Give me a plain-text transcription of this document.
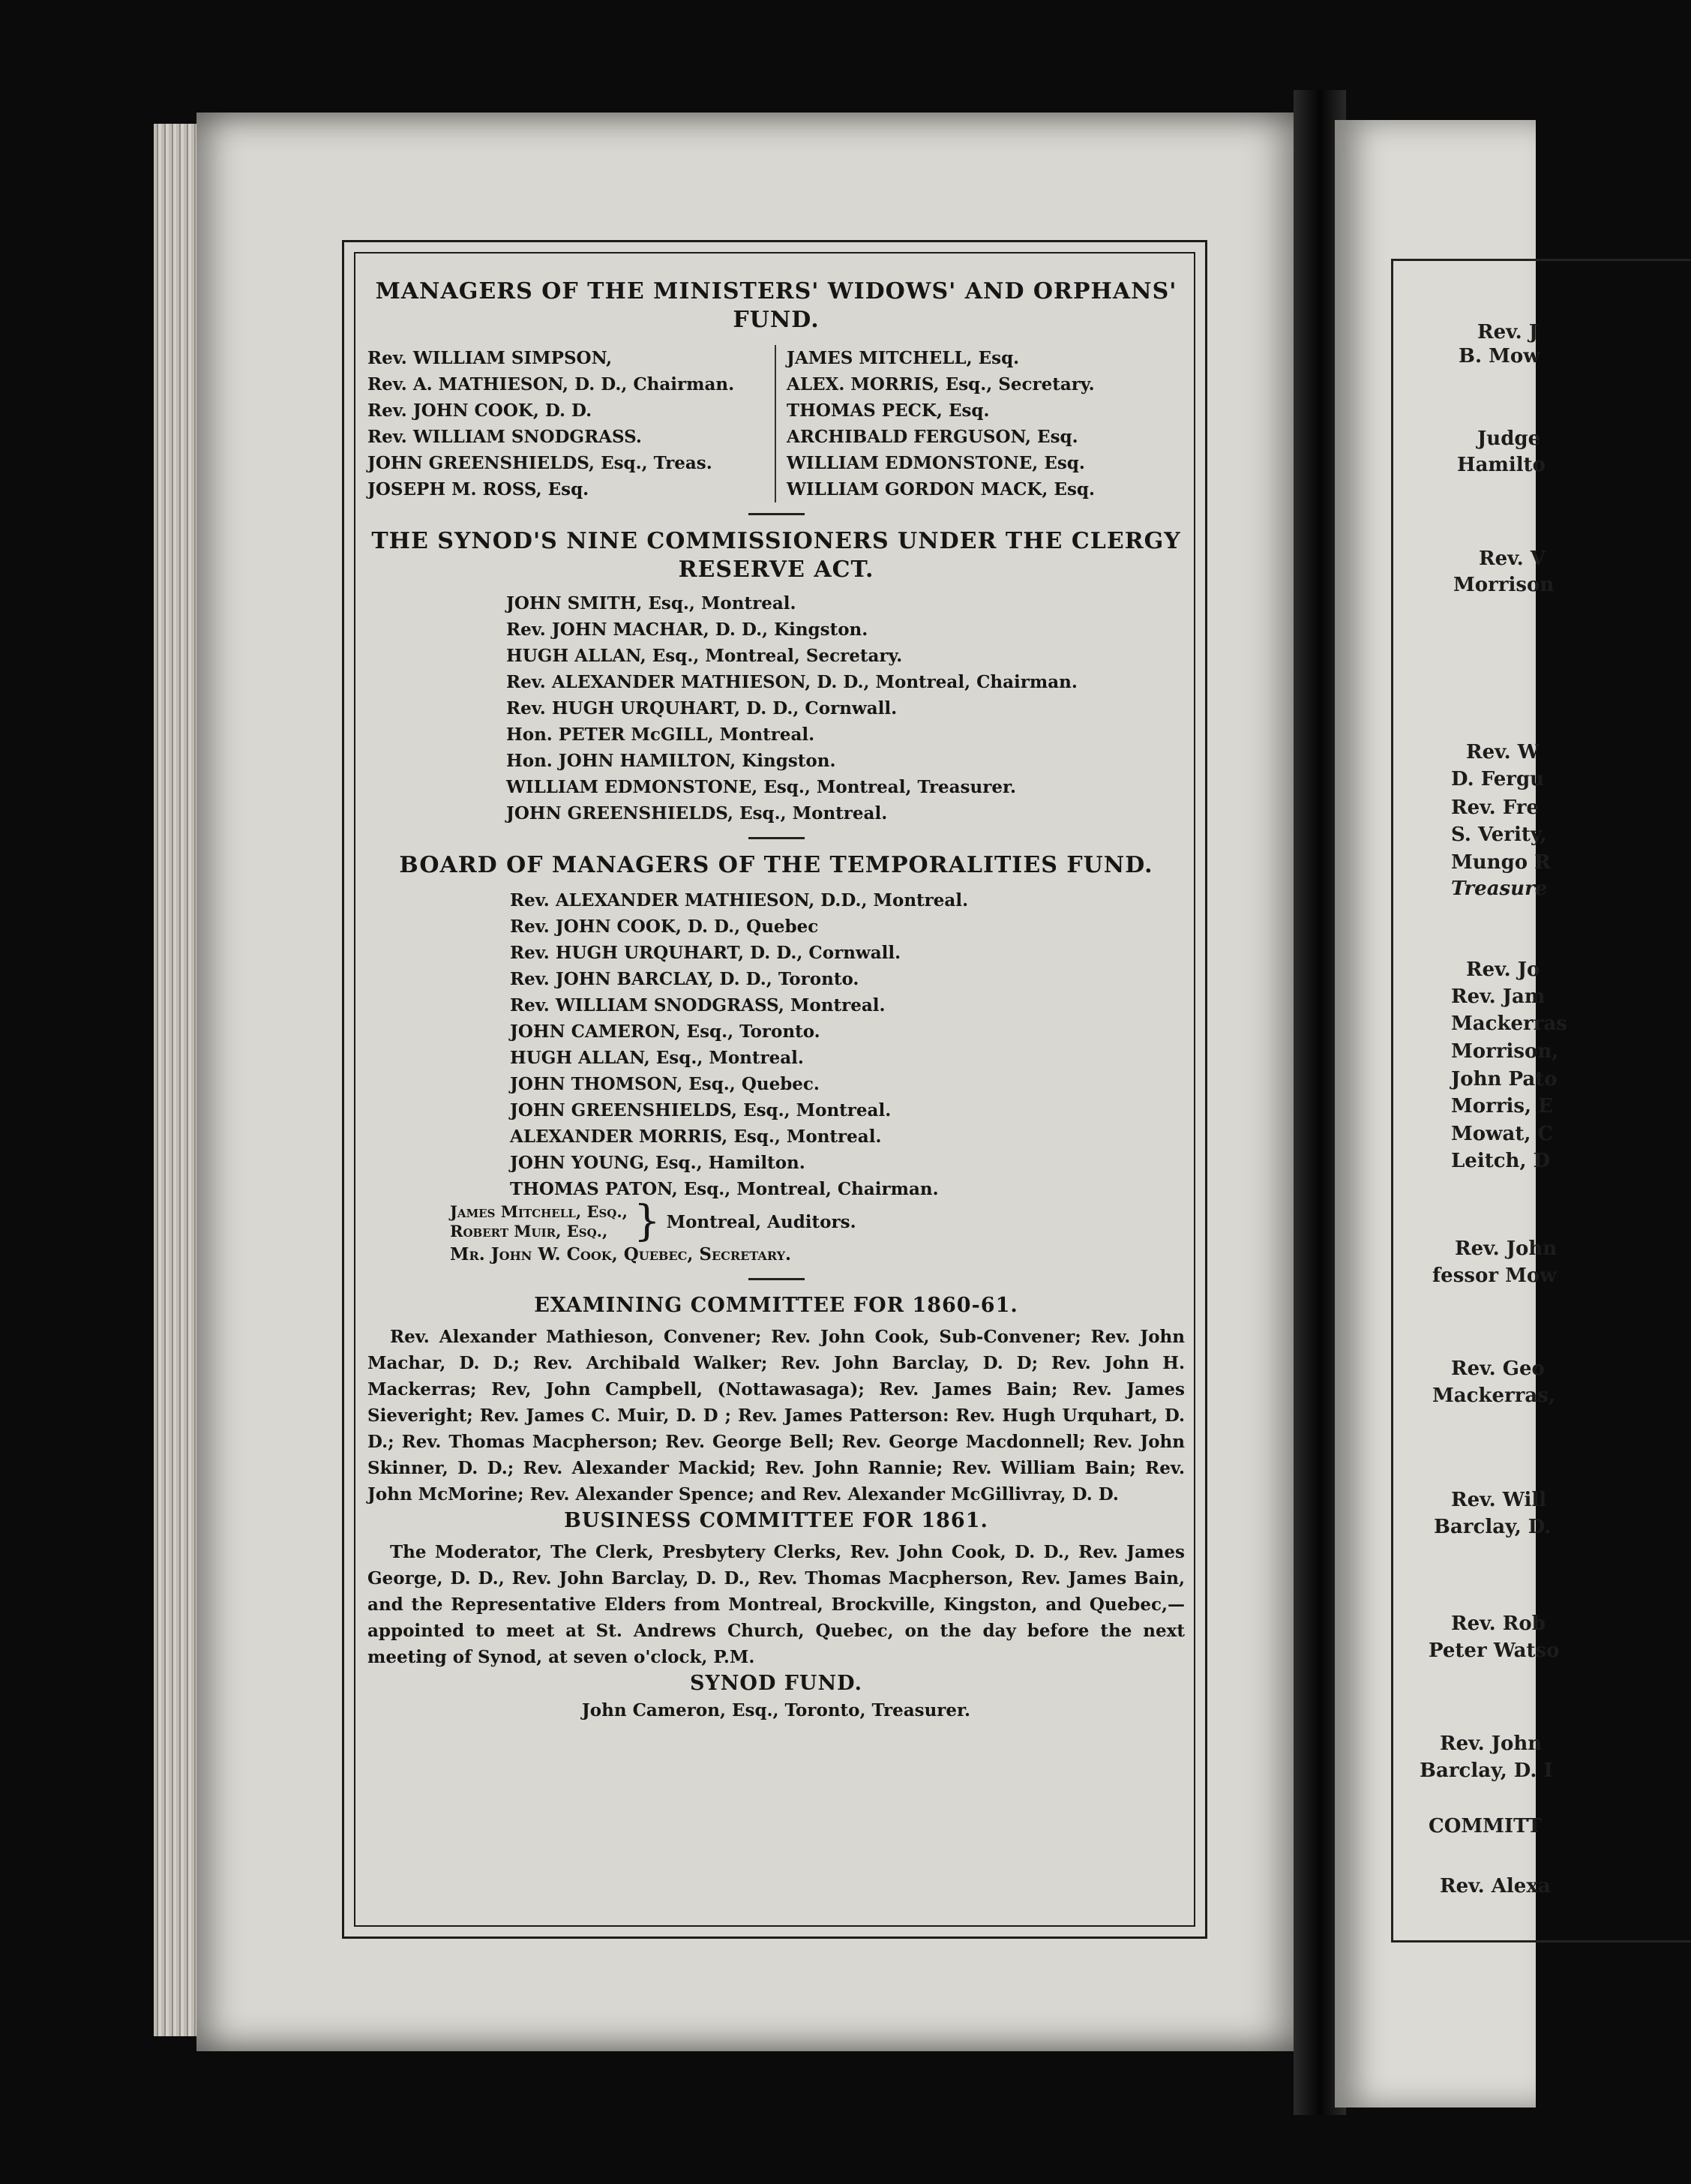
Rev. J
B. Mow
Judge
Hamilto
Rev. V
Morrison
Rev. W
D. Fergu
Rev. Fre
S. Verity,
Mungo R
Treasure
Rev. Jo
Rev. Jam
Mackerras
Morrison,
John Pato
Morris, E
Mowat, C
Leitch, D
Rev. John
fessor Mow
Rev. Geo
Mackerras,
Rev. Will
Barclay, D.
Rev. Rob
Peter Watso
Rev. John
Barclay, D. I
COMMITT
Rev. Alexa
MANAGERS OF THE MINISTERS' WIDOWS' AND ORPHANS' FUND.
Rev. WILLIAM SIMPSON,
Rev. A. MATHIESON, D. D., Chairman.
Rev. JOHN COOK, D. D.
Rev. WILLIAM SNODGRASS.
JOHN GREENSHIELDS, Esq., Treas.
JOSEPH M. ROSS, Esq.
JAMES MITCHELL, Esq.
ALEX. MORRIS, Esq., Secretary.
THOMAS PECK, Esq.
ARCHIBALD FERGUSON, Esq.
WILLIAM EDMONSTONE, Esq.
WILLIAM GORDON MACK, Esq.
THE SYNOD'S NINE COMMISSIONERS UNDER THE CLERGY
RESERVE ACT.
JOHN SMITH, Esq., Montreal.
Rev. JOHN MACHAR, D. D., Kingston.
HUGH ALLAN, Esq., Montreal, Secretary.
Rev. ALEXANDER MATHIESON, D. D., Montreal, Chairman.
Rev. HUGH URQUHART, D. D., Cornwall.
Hon. PETER McGILL, Montreal.
Hon. JOHN HAMILTON, Kingston.
WILLIAM EDMONSTONE, Esq., Montreal, Treasurer.
JOHN GREENSHIELDS, Esq., Montreal.
BOARD OF MANAGERS OF THE TEMPORALITIES FUND.
Rev. ALEXANDER MATHIESON, D.D., Montreal.
Rev. JOHN COOK, D. D., Quebec
Rev. HUGH URQUHART, D. D., Cornwall.
Rev. JOHN BARCLAY, D. D., Toronto.
Rev. WILLIAM SNODGRASS, Montreal.
JOHN CAMERON, Esq., Toronto.
HUGH ALLAN, Esq., Montreal.
JOHN THOMSON, Esq., Quebec.
JOHN GREENSHIELDS, Esq., Montreal.
ALEXANDER MORRIS, Esq., Montreal.
JOHN YOUNG, Esq., Hamilton.
THOMAS PATON, Esq., Montreal, Chairman.
James Mitchell, Esq.,
Robert Muir, Esq., } Montreal, Auditors.
Mr. John W. Cook, Quebec, Secretary.
EXAMINING COMMITTEE FOR 1860-61.

Rev. Alexander Mathieson, Convener; Rev. John Cook, Sub-Convener; Rev. John Machar, D. D.; Rev. Archibald Walker; Rev. John Barclay, D. D; Rev. John H. Mackerras; Rev, John Campbell, (Nottawasaga); Rev. James Bain; Rev. James Sieveright; Rev. James C. Muir, D. D ; Rev. James Patterson: Rev. Hugh Urquhart, D. D.; Rev. Thomas Macpherson; Rev. George Bell; Rev. George Macdonnell; Rev. John Skinner, D. D.; Rev. Alexander Mackid; Rev. John Rannie; Rev. William Bain; Rev. John McMorine; Rev. Alexander Spence; and Rev. Alexander McGillivray, D. D.

BUSINESS COMMITTEE FOR 1861.

The Moderator, The Clerk, Presbytery Clerks, Rev. John Cook, D. D., Rev. James George, D. D., Rev. John Barclay, D. D., Rev. Thomas Macpherson, Rev. James Bain, and the Representative Elders from Montreal, Brockville, Kingston, and Quebec,—appointed to meet at St. Andrews Church, Quebec, on the day before the next meeting of Synod, at seven o'clock, P.M.

SYNOD FUND.
John Cameron, Esq., Toronto, Treasurer.
